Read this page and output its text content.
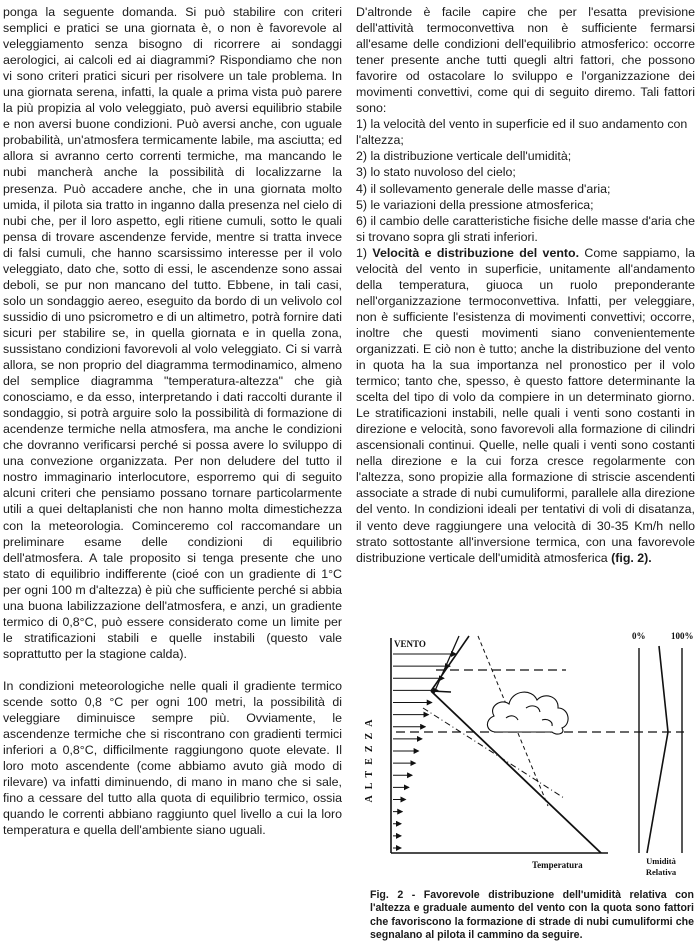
ponga la seguente domanda. Si può stabilire con criteri semplici e pratici se una giornata è, o non è favorevole al veleggiamento senza bisogno di ricorrere ai sondaggi aerologici, ai calcoli ed ai diagrammi? Rispondiamo che non vi sono criteri pratici sicuri per risolvere un tale problema. In una giornata serena, infatti, la quale a prima vista può parere la più propizia al volo veleggiato, può aversi equilibrio stabile e non aversi buone condizioni. Può aversi anche, con uguale probabilità, un'atmosfera termicamente labile, ma asciutta; ed allora si avranno certo correnti termiche, ma mancando le nubi mancherà anche la possibilità di localizzarne la presenza. Può accadere anche, che in una giornata molto umida, il pilota sia tratto in inganno dalla presenza nel cielo di nubi che, per il loro aspetto, egli ritiene cumuli, sotto le quali pensa di trovare ascendenze fervide, mentre si tratta invece di falsi cumuli, che hanno scarsissimo interesse per il volo veleggiato, dato che, sotto di essi, le ascendenze sono assai deboli, se pur non mancano del tutto. Ebbene, in tali casi, solo un sondaggio aereo, eseguito da bordo di un velivolo col sussidio di uno psicrometro e di un altimetro, potrà fornire dati sicuri per stabilire se, in quella giornata e in quella zona, sussistano condizioni favorevoli al volo veleggiato. Ci si varrà allora, se non proprio del diagramma termodinamico, almeno del semplice diagramma "temperatura-altezza" che già conosciamo, e da esso, interpretando i dati raccolti durante il sondaggio, si potrà arguire solo la possibilità di formazione di acendenze termiche nella atmosfera, ma anche le condizioni che dovranno verificarsi perché si possa avere lo sviluppo di una convezione organizzata. Per non deludere del tutto il nostro immaginario interlocutore, esporremo qui di seguito alcuni criteri che pensiamo possano tornare particolarmente utili a quei deltaplanisti che non hanno molta dimestichezza con la meteorologia. Cominceremo col raccomandare un preliminare esame delle condizioni di equilibrio dell'atmosfera. A tale proposito si tenga presente che uno stato di equilibrio indifferente (cioé con un gradiente di 1°C per ogni 100 m d'altezza) è più che sufficiente perché si abbia una buona labilizzazione dell'atmosfera, e anzi, un gradiente termico di 0,8°C, può essere considerato come un limite per le stratificazioni stabili e quelle instabili (questo vale soprattutto per la stagione calda).

In condizioni meteorologiche nelle quali il gradiente termico scende sotto 0,8 °C per ogni 100 metri, la possibilità di veleggiare diminuisce sempre più. Ovviamente, le ascendenze termiche che si riscontrano con gradienti termici inferiori a 0,8°C, difficilmente raggiungono quote elevate. Il loro moto ascendente (come abbiamo avuto già modo di rilevare) va infatti diminuendo, di mano in mano che si sale, fino a cessare del tutto alla quota di equilibrio termico, ossia quando le correnti abbiano raggiunto quel livello a cui la loro temperatura e quella dell'ambiente siano uguali.

D'altronde è facile capire che per l'esatta previsione dell'attività termoconvettiva non è sufficiente fermarsi all'esame delle condizioni dell'equilibrio atmosferico: occorre tener presente anche tutti quegli altri fattori, che possono favorire od ostacolare lo sviluppo e l'organizzazione dei movimenti convettivi, come qui di seguito diremo. Tali fattori sono:

1) la velocità del vento in superficie ed il suo andamento con l'altezza;
2) la distribuzione verticale dell'umidità;
3) lo stato nuvoloso del cielo;
4) il sollevamento generale delle masse d'aria;
5) le variazioni della pressione atmosferica;
6) il cambio delle caratteristiche fisiche delle masse d'aria che si trovano sopra gli strati inferiori.

1) Velocità e distribuzione del vento. Come sappiamo, la velocità del vento in superficie, unitamente all'andamento della temperatura, giuoca un ruolo preponderante nell'organizzazione termoconvettiva. Infatti, per veleggiare, non è sufficiente l'esistenza di movimenti convettivi; occorre, inoltre che questi movimenti siano convenientemente organizzati. E ciò non è tutto; anche la distribuzione del vento in quota ha la sua importanza nel pronostico per il volo termico; tanto che, spesso, è questo fattore determinante la scelta del tipo di volo da compiere in un determinato giorno. Le stratificazioni instabili, nelle quali i venti sono costanti in direzione e velocità, sono favorevoli alla formazione di cilindri ascensionali continui. Quelle, nelle quali i venti sono costanti nella direzione e la cui forza cresce regolarmente con l'altezza, sono propizie alla formazione di striscie ascendenti associate a strade di nubi cumuliformi, parallele alla direzione del vento. In condizioni ideali per tentativi di voli di disatanza, il vento deve raggiungere una velocità di 30-35 Km/h nello strato sottostante all'inversione termica, con una favorevole distribuzione verticale dell'umidità atmosferica (fig. 2).

VENTO
ALTEZZA
Temperatura	Umidità
Relativa
0%	100%
Fig. 2 - Favorevole distribuzione dell'umidità relativa con l'altezza e graduale aumento del vento con la quota sono fattori che favoriscono la formazione di strade di nubi cumuliformi che segnalano al pilota il cammino da seguire.
